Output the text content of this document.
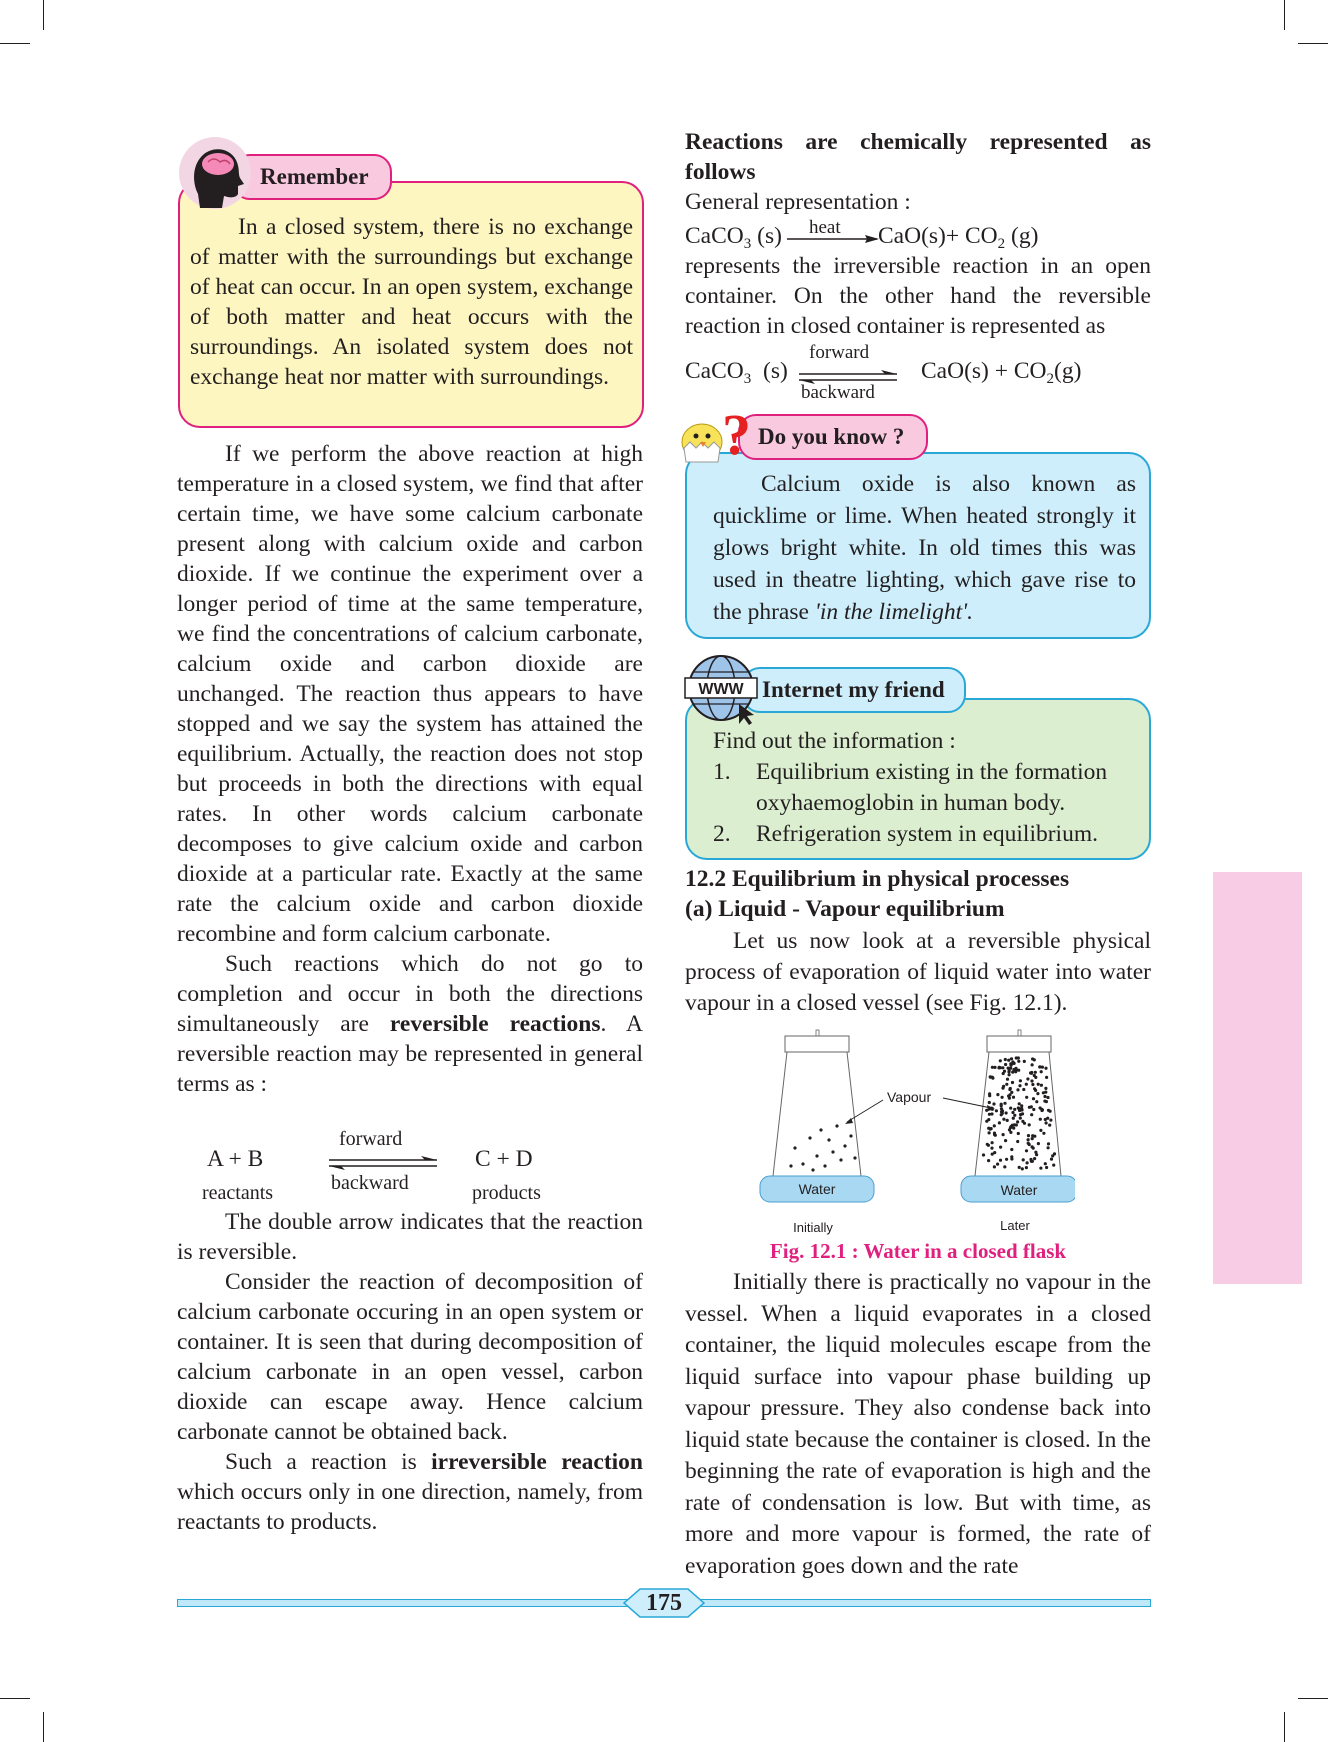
Remember

In a closed system, there is no exchange of matter with the surroundings but exchange of heat can occur. In an open system, exchange of both matter and heat occurs with the surroundings. An isolated system does not exchange heat nor matter with surroundings.

If we perform the above reaction at high temperature in a closed system, we find that after certain time, we have some calcium carbonate present along with calcium oxide and carbon dioxide. If we continue the experiment over a longer period of time at the same temperature, we find the concentrations of calcium carbonate, calcium oxide and carbon dioxide are unchanged. The reaction thus appears to have stopped and we say the system has attained the equilibrium. Actually, the reaction does not stop but proceeds in both the directions with equal rates. In other words calcium carbonate decomposes to give calcium oxide and carbon dioxide at a particular rate. Exactly at the same rate the calcium oxide and carbon dioxide recombine and form calcium carbonate.

Such reactions which do not go to completion and occur in both the directions simultaneously are reversible reactions. A reversible reaction may be represented in general terms as :

A + B
forward
backward
C + D
reactants	products

The double arrow indicates that the reaction is reversible.

Consider the reaction of decomposition of calcium carbonate occuring in an open system or container. It is seen that during decomposition of calcium carbonate in an open vessel, carbon dioxide can escape away. Hence calcium carbonate cannot be obtained back.

Such a reaction is irreversible reaction which occurs only in one direction, namely, from reactants to products.

Reactions are chemically represented as follows

General representation :

CaCO$_3$ (s) heat $CaO(s)+ CO_2$ (g)

represents the irreversible reaction in an open container. On the other hand the reversible reaction in closed container is represented as

CaCO$_3$ (s)
forward
backward
$CaO(s) + CO_2(g)$
Do you know ?
?

Calcium oxide is also known as quicklime or lime. When heated strongly it glows bright white. In old times this was used in theatre lighting, which gave rise to the phrase 'in the limelight'.

Internet my friend
WWW

Find out the information :

1.	Equilibrium existing in the formation oxyhaemoglobin in human body.
2.	Refrigeration system in equilibrium.

12.2 Equilibrium in physical processes

(a) Liquid - Vapour equilibrium

Let us now look at a reversible physical process of evaporation of liquid water into water vapour in a closed vessel (see Fig. 12.1).

Vapour
Water	Water
Initially	Later
Fig. 12.1 : Water in a closed flask

Initially there is practically no vapour in the vessel. When a liquid evaporates in a closed container, the liquid molecules escape from the liquid surface into vapour phase building up vapour pressure. They also condense back into liquid state because the container is closed. In the beginning the rate of evaporation is high and the rate of condensation is low. But with time, as more and more vapour is formed, the rate of evaporation goes down and the rate

175
